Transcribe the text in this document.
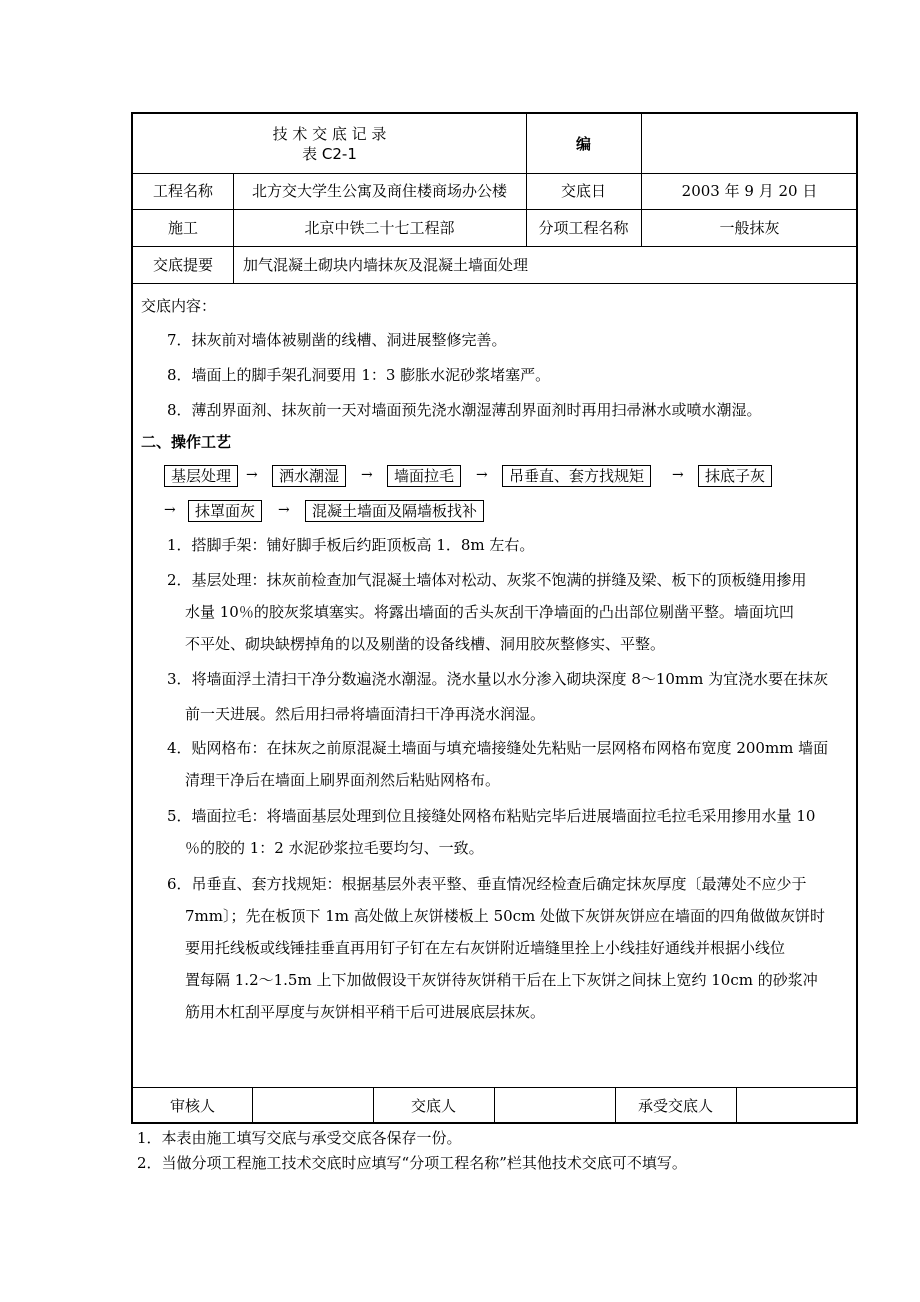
技 术 交 底 记 录
表 C2-1
编
工程名称	北方交大学生公寓及商住楼商场办公楼	交底日	2003 年 9 月 20 日
施工	北京中铁二十七工程部	分项工程名称	一般抹灰
交底提要	加气混凝土砌块内墙抹灰及混凝土墙面处理
交底内容：
7．抹灰前对墙体被剔凿的线槽、洞进展整修完善。
8．墙面上的脚手架孔洞要用 1：3 膨胀水泥砂浆堵塞严。
8．薄刮界面剂、抹灰前一天对墙面预先浇水潮湿薄刮界面剂时再用扫帚淋水或喷水潮湿。
二、操作工艺
基层处理	→	洒水潮湿	→	墙面拉毛	→	吊垂直、套方找规矩	→	抹底子灰
→	抹罩面灰	→	混凝土墙面及隔墙板找补
1．搭脚手架：铺好脚手板后约距顶板高 1．8m 左右。
2．基层处理：抹灰前检查加气混凝土墙体对松动、灰浆不饱满的拼缝及梁、板下的顶板缝用掺用
水量 10％的胶灰浆填塞实。将露出墙面的舌头灰刮干净墙面的凸出部位剔凿平整。墙面坑凹
不平处、砌块缺楞掉角的以及剔凿的设备线槽、洞用胶灰整修实、平整。
3．将墙面浮土清扫干净分数遍浇水潮湿。浇水量以水分渗入砌块深度 8～10mm 为宜浇水要在抹灰
前一天进展。然后用扫帚将墙面清扫干净再浇水润湿。
4．贴网格布：在抹灰之前原混凝土墙面与填充墙接缝处先粘贴一层网格布网格布宽度 200mm 墙面
清理干净后在墙面上刷界面剂然后粘贴网格布。
5．墙面拉毛：将墙面基层处理到位且接缝处网格布粘贴完毕后进展墙面拉毛拉毛采用掺用水量 10
％的胶的 1：2 水泥砂浆拉毛要均匀、一致。
6．吊垂直、套方找规矩：根据基层外表平整、垂直情况经检查后确定抹灰厚度〔最薄处不应少于
7mm〕；先在板顶下 1m 高处做上灰饼楼板上 50cm 处做下灰饼灰饼应在墙面的四角做做灰饼时
要用托线板或线锤挂垂直再用钉子钉在左右灰饼附近墙缝里拴上小线挂好通线并根据小线位
置每隔 1.2～1.5m 上下加做假设干灰饼待灰饼稍干后在上下灰饼之间抹上宽约 10cm 的砂浆冲
筋用木杠刮平厚度与灰饼相平稍干后可进展底层抹灰。
审核人	交底人	承受交底人
1．本表由施工填写交底与承受交底各保存一份。
2．当做分项工程施工技术交底时应填写“分项工程名称”栏其他技术交底可不填写。
